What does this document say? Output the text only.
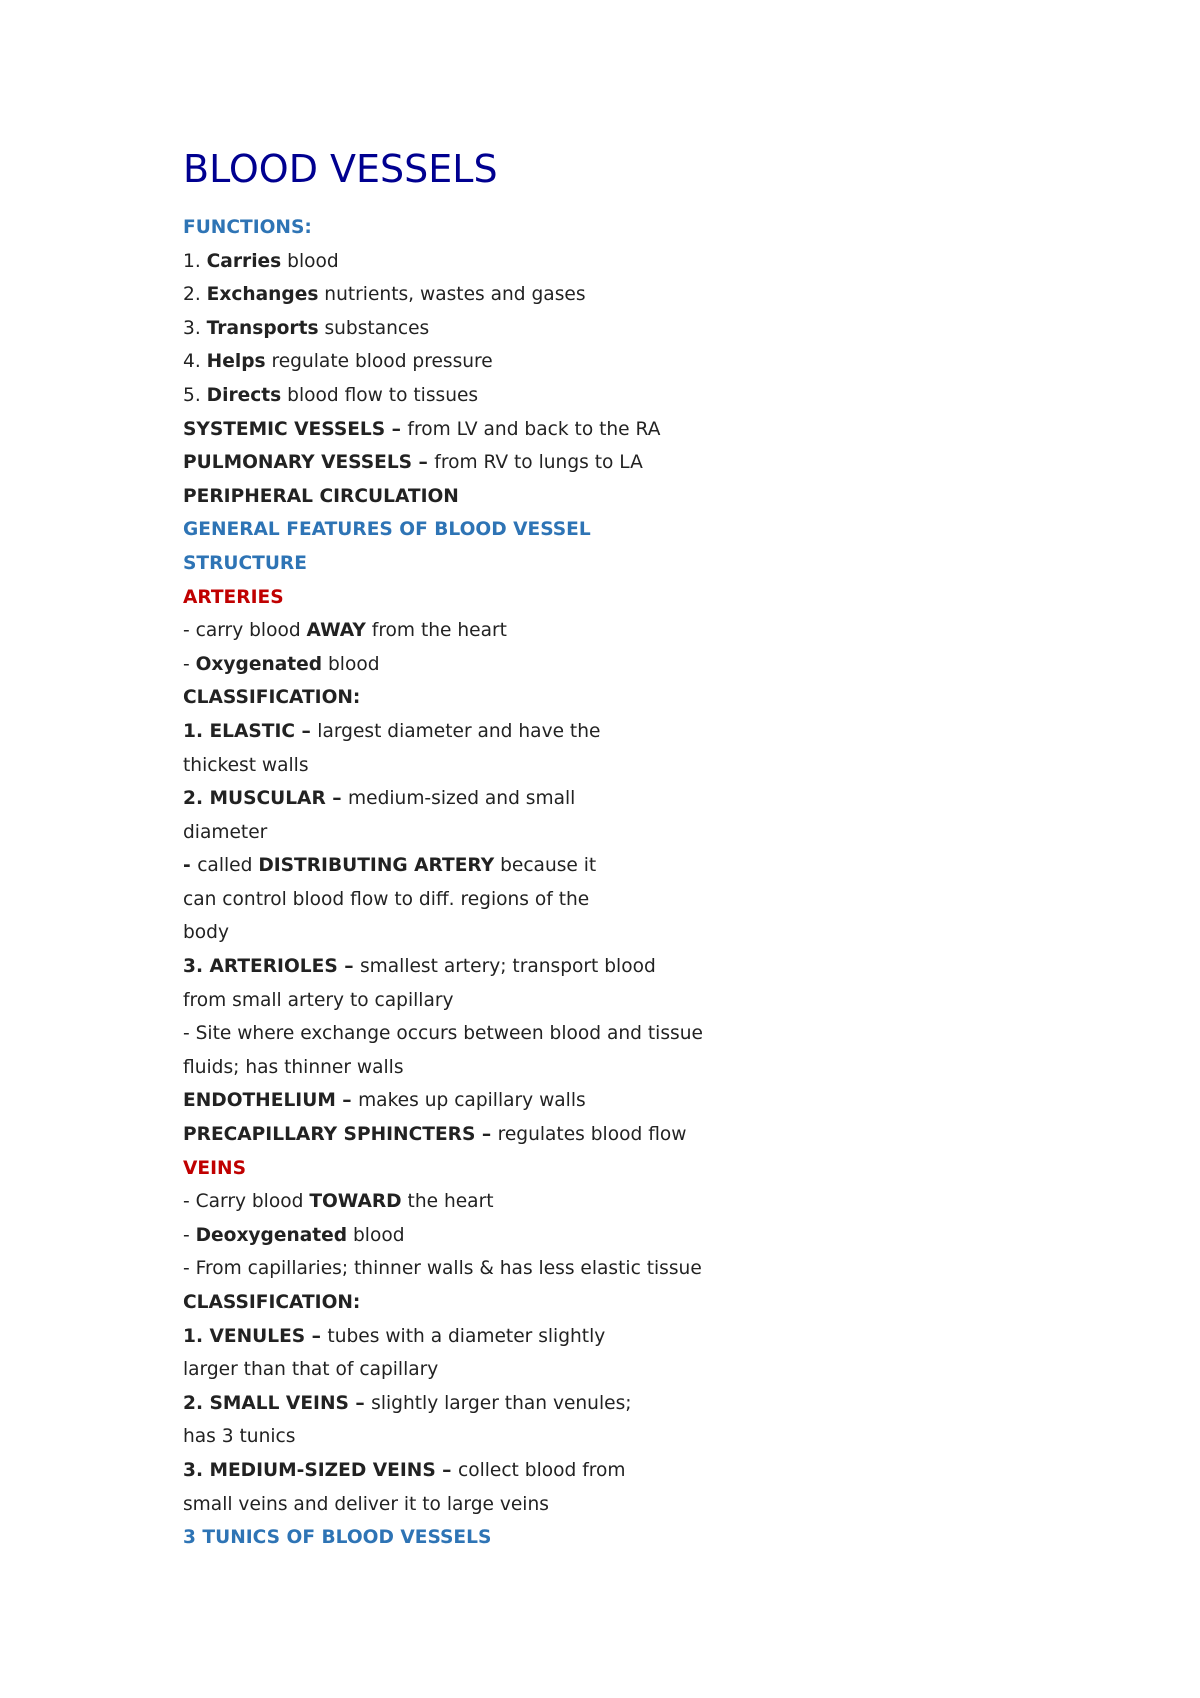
BLOOD VESSELS
FUNCTIONS:
1. Carries blood
2. Exchanges nutrients, wastes and gases
3. Transports substances
4. Helps regulate blood pressure
5. Directs blood flow to tissues
SYSTEMIC VESSELS – from LV and back to the RA
PULMONARY VESSELS – from RV to lungs to LA
PERIPHERAL CIRCULATION
GENERAL FEATURES OF BLOOD VESSEL
STRUCTURE
ARTERIES
- carry blood AWAY from the heart
- Oxygenated blood
CLASSIFICATION:
1. ELASTIC – largest diameter and have the
thickest walls
2. MUSCULAR – medium-sized and small
diameter
- called DISTRIBUTING ARTERY because it
can control blood flow to diff. regions of the
body
3. ARTERIOLES – smallest artery; transport blood
from small artery to capillary
- Site where exchange occurs between blood and tissue
fluids; has thinner walls
ENDOTHELIUM – makes up capillary walls
PRECAPILLARY SPHINCTERS – regulates blood flow
VEINS
- Carry blood TOWARD the heart
- Deoxygenated blood
- From capillaries; thinner walls & has less elastic tissue
CLASSIFICATION:
1. VENULES – tubes with a diameter slightly
larger than that of capillary
2. SMALL VEINS – slightly larger than venules;
has 3 tunics
3. MEDIUM-SIZED VEINS – collect blood from
small veins and deliver it to large veins
3 TUNICS OF BLOOD VESSELS
